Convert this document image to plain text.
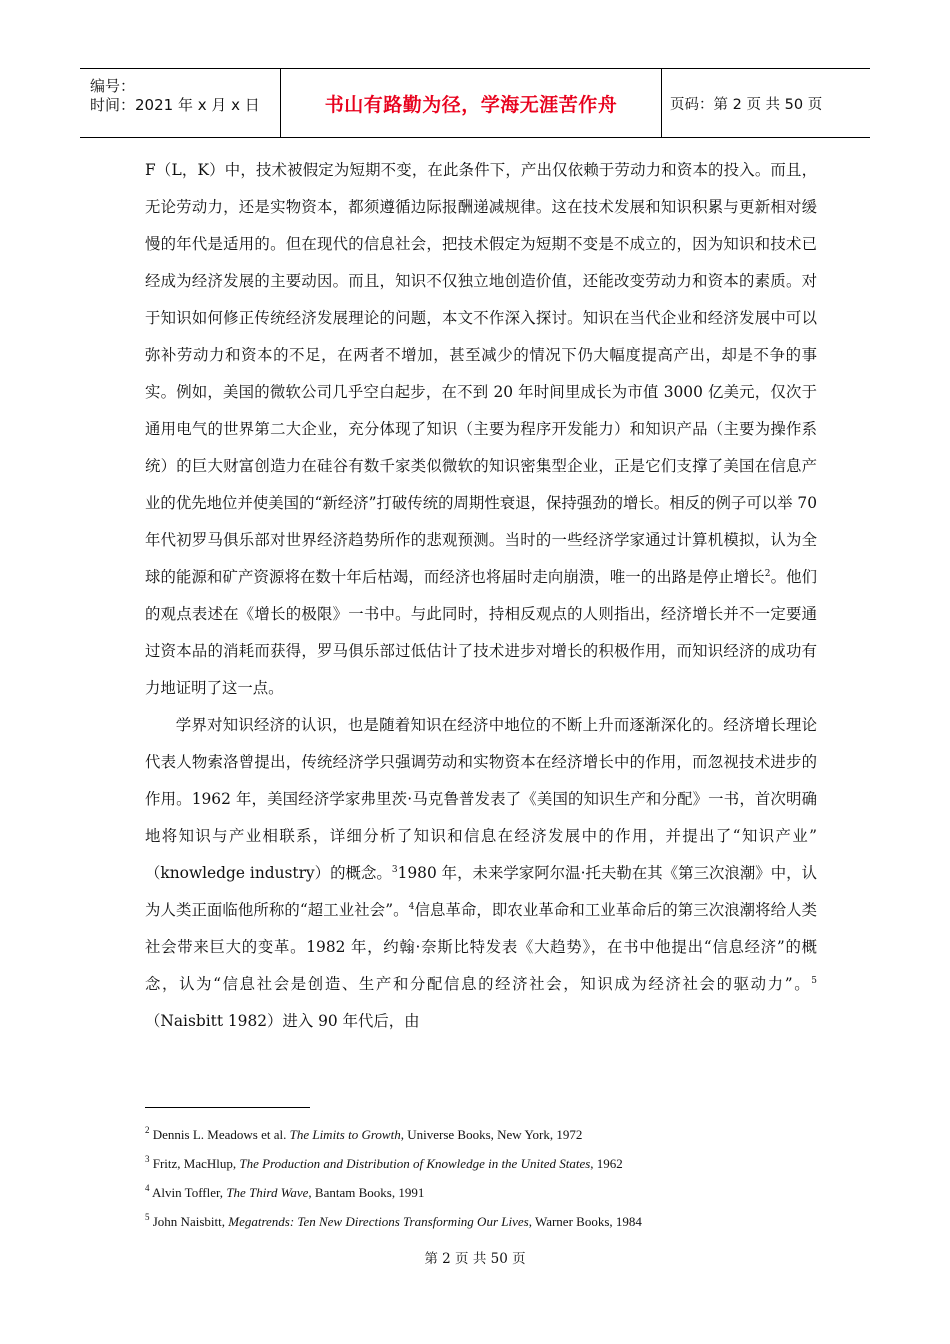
编号：
时间：2021 年 x 月 x 日	书山有路勤为径，学海无涯苦作舟	页码：第 2 页 共 50 页

F（L，K）中，技术被假定为短期不变，在此条件下，产出仅依赖于劳动力和资本的投入。而且，无论劳动力，还是实物资本，都须遵循边际报酬递减规律。这在技术发展和知识积累与更新相对缓慢的年代是适用的。但在现代的信息社会，把技术假定为短期不变是不成立的，因为知识和技术已经成为经济发展的主要动因。而且，知识不仅独立地创造价值，还能改变劳动力和资本的素质。对于知识如何修正传统经济发展理论的问题，本文不作深入探讨。知识在当代企业和经济发展中可以弥补劳动力和资本的不足，在两者不增加，甚至减少的情况下仍大幅度提高产出，却是不争的事实。例如，美国的微软公司几乎空白起步，在不到 20 年时间里成长为市值 3000 亿美元，仅次于通用电气的世界第二大企业，充分体现了知识（主要为程序开发能力）和知识产品（主要为操作系统）的巨大财富创造力在硅谷有数千家类似微软的知识密集型企业，正是它们支撑了美国在信息产业的优先地位并使美国的“新经济”打破传统的周期性衰退，保持强劲的增长。相反的例子可以举 70 年代初罗马俱乐部对世界经济趋势所作的悲观预测。当时的一些经济学家通过计算机模拟，认为全球的能源和矿产资源将在数十年后枯竭，而经济也将届时走向崩溃，唯一的出路是停止增长$^2$。他们的观点表述在《增长的极限》一书中。与此同时，持相反观点的人则指出，经济增长并不一定要通过资本品的消耗而获得，罗马俱乐部过低估计了技术进步对增长的积极作用，而知识经济的成功有力地证明了这一点。

学界对知识经济的认识，也是随着知识在经济中地位的不断上升而逐渐深化的。经济增长理论代表人物索洛曾提出，传统经济学只强调劳动和实物资本在经济增长中的作用，而忽视技术进步的作用。1962 年，美国经济学家弗里茨·马克鲁普发表了《美国的知识生产和分配》一书，首次明确地将知识与产业相联系，详细分析了知识和信息在经济发展中的作用，并提出了“知识产业” （knowledge industry）的概念。$^3$1980 年，未来学家阿尔温·托夫勒在其《第三次浪潮》中，认为人类正面临他所称的“超工业社会”。$^4$信息革命，即农业革命和工业革命后的第三次浪潮将给人类社会带来巨大的变革。1982 年，约翰·奈斯比特发表《大趋势》，在书中他提出“信息经济”的概念，认为“信息社会是创造、生产和分配信息的经济社会，知识成为经济社会的驱动力”。$^5$（Naisbitt 1982）进入 90 年代后，由

$^2$ Dennis L. Meadows et al. The Limits to Growth, Universe Books, New York, 1972
$^3$ Fritz, MacHlup, The Production and Distribution of Knowledge in the United States, 1962
$^4$ Alvin Toffler, The Third Wave, Bantam Books, 1991
$^5$ John Naisbitt, Megatrends: Ten New Directions Transforming Our Lives, Warner Books, 1984
第 2 页 共 50 页
